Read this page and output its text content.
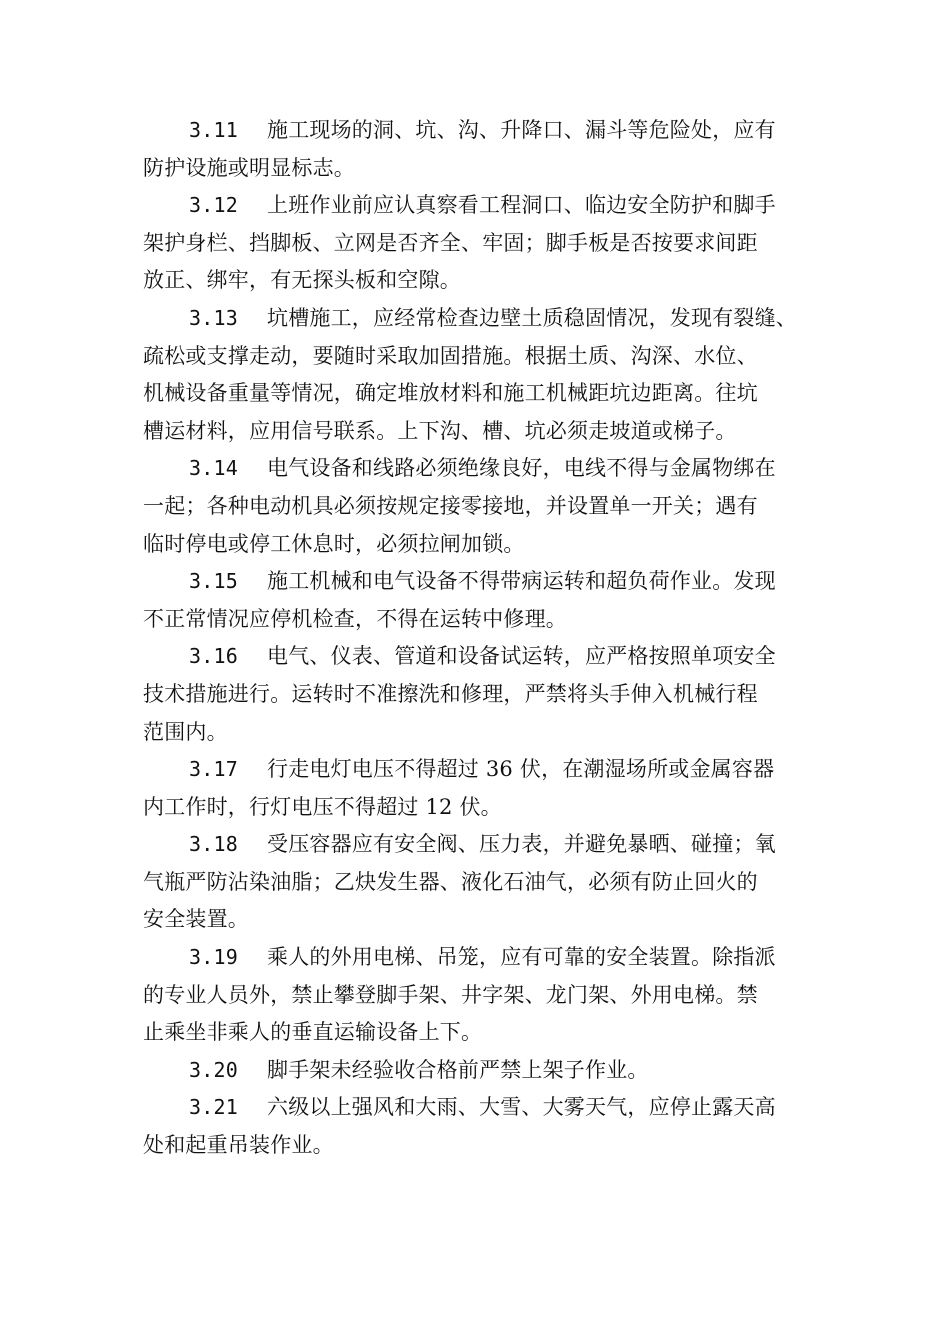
3.11 施工现场的洞、坑、沟、升降口、漏斗等危险处，应有
防护设施或明显标志。

3.12 上班作业前应认真察看工程洞口、临边安全防护和脚手
架护身栏、挡脚板、立网是否齐全、牢固；脚手板是否按要求间距
放正、绑牢，有无探头板和空隙。

3.13 坑槽施工，应经常检查边壁土质稳固情况，发现有裂缝、
疏松或支撑走动，要随时采取加固措施。根据土质、沟深、水位、
机械设备重量等情况，确定堆放材料和施工机械距坑边距离。往坑
槽运材料，应用信号联系。上下沟、槽、坑必须走坡道或梯子。

3.14 电气设备和线路必须绝缘良好，电线不得与金属物绑在
一起；各种电动机具必须按规定接零接地，并设置单一开关；遇有
临时停电或停工休息时，必须拉闸加锁。

3.15 施工机械和电气设备不得带病运转和超负荷作业。发现
不正常情况应停机检查，不得在运转中修理。

3.16 电气、仪表、管道和设备试运转，应严格按照单项安全
技术措施进行。运转时不准擦洗和修理，严禁将头手伸入机械行程
范围内。

3.17 行走电灯电压不得超过 36 伏，在潮湿场所或金属容器
内工作时，行灯电压不得超过 12 伏。

3.18 受压容器应有安全阀、压力表，并避免暴晒、碰撞；氧
气瓶严防沾染油脂；乙炔发生器、液化石油气，必须有防止回火的
安全装置。

3.19 乘人的外用电梯、吊笼，应有可靠的安全装置。除指派
的专业人员外，禁止攀登脚手架、井字架、龙门架、外用电梯。禁
止乘坐非乘人的垂直运输设备上下。

3.20 脚手架未经验收合格前严禁上架子作业。

3.21 六级以上强风和大雨、大雪、大雾天气，应停止露天高
处和起重吊装作业。
